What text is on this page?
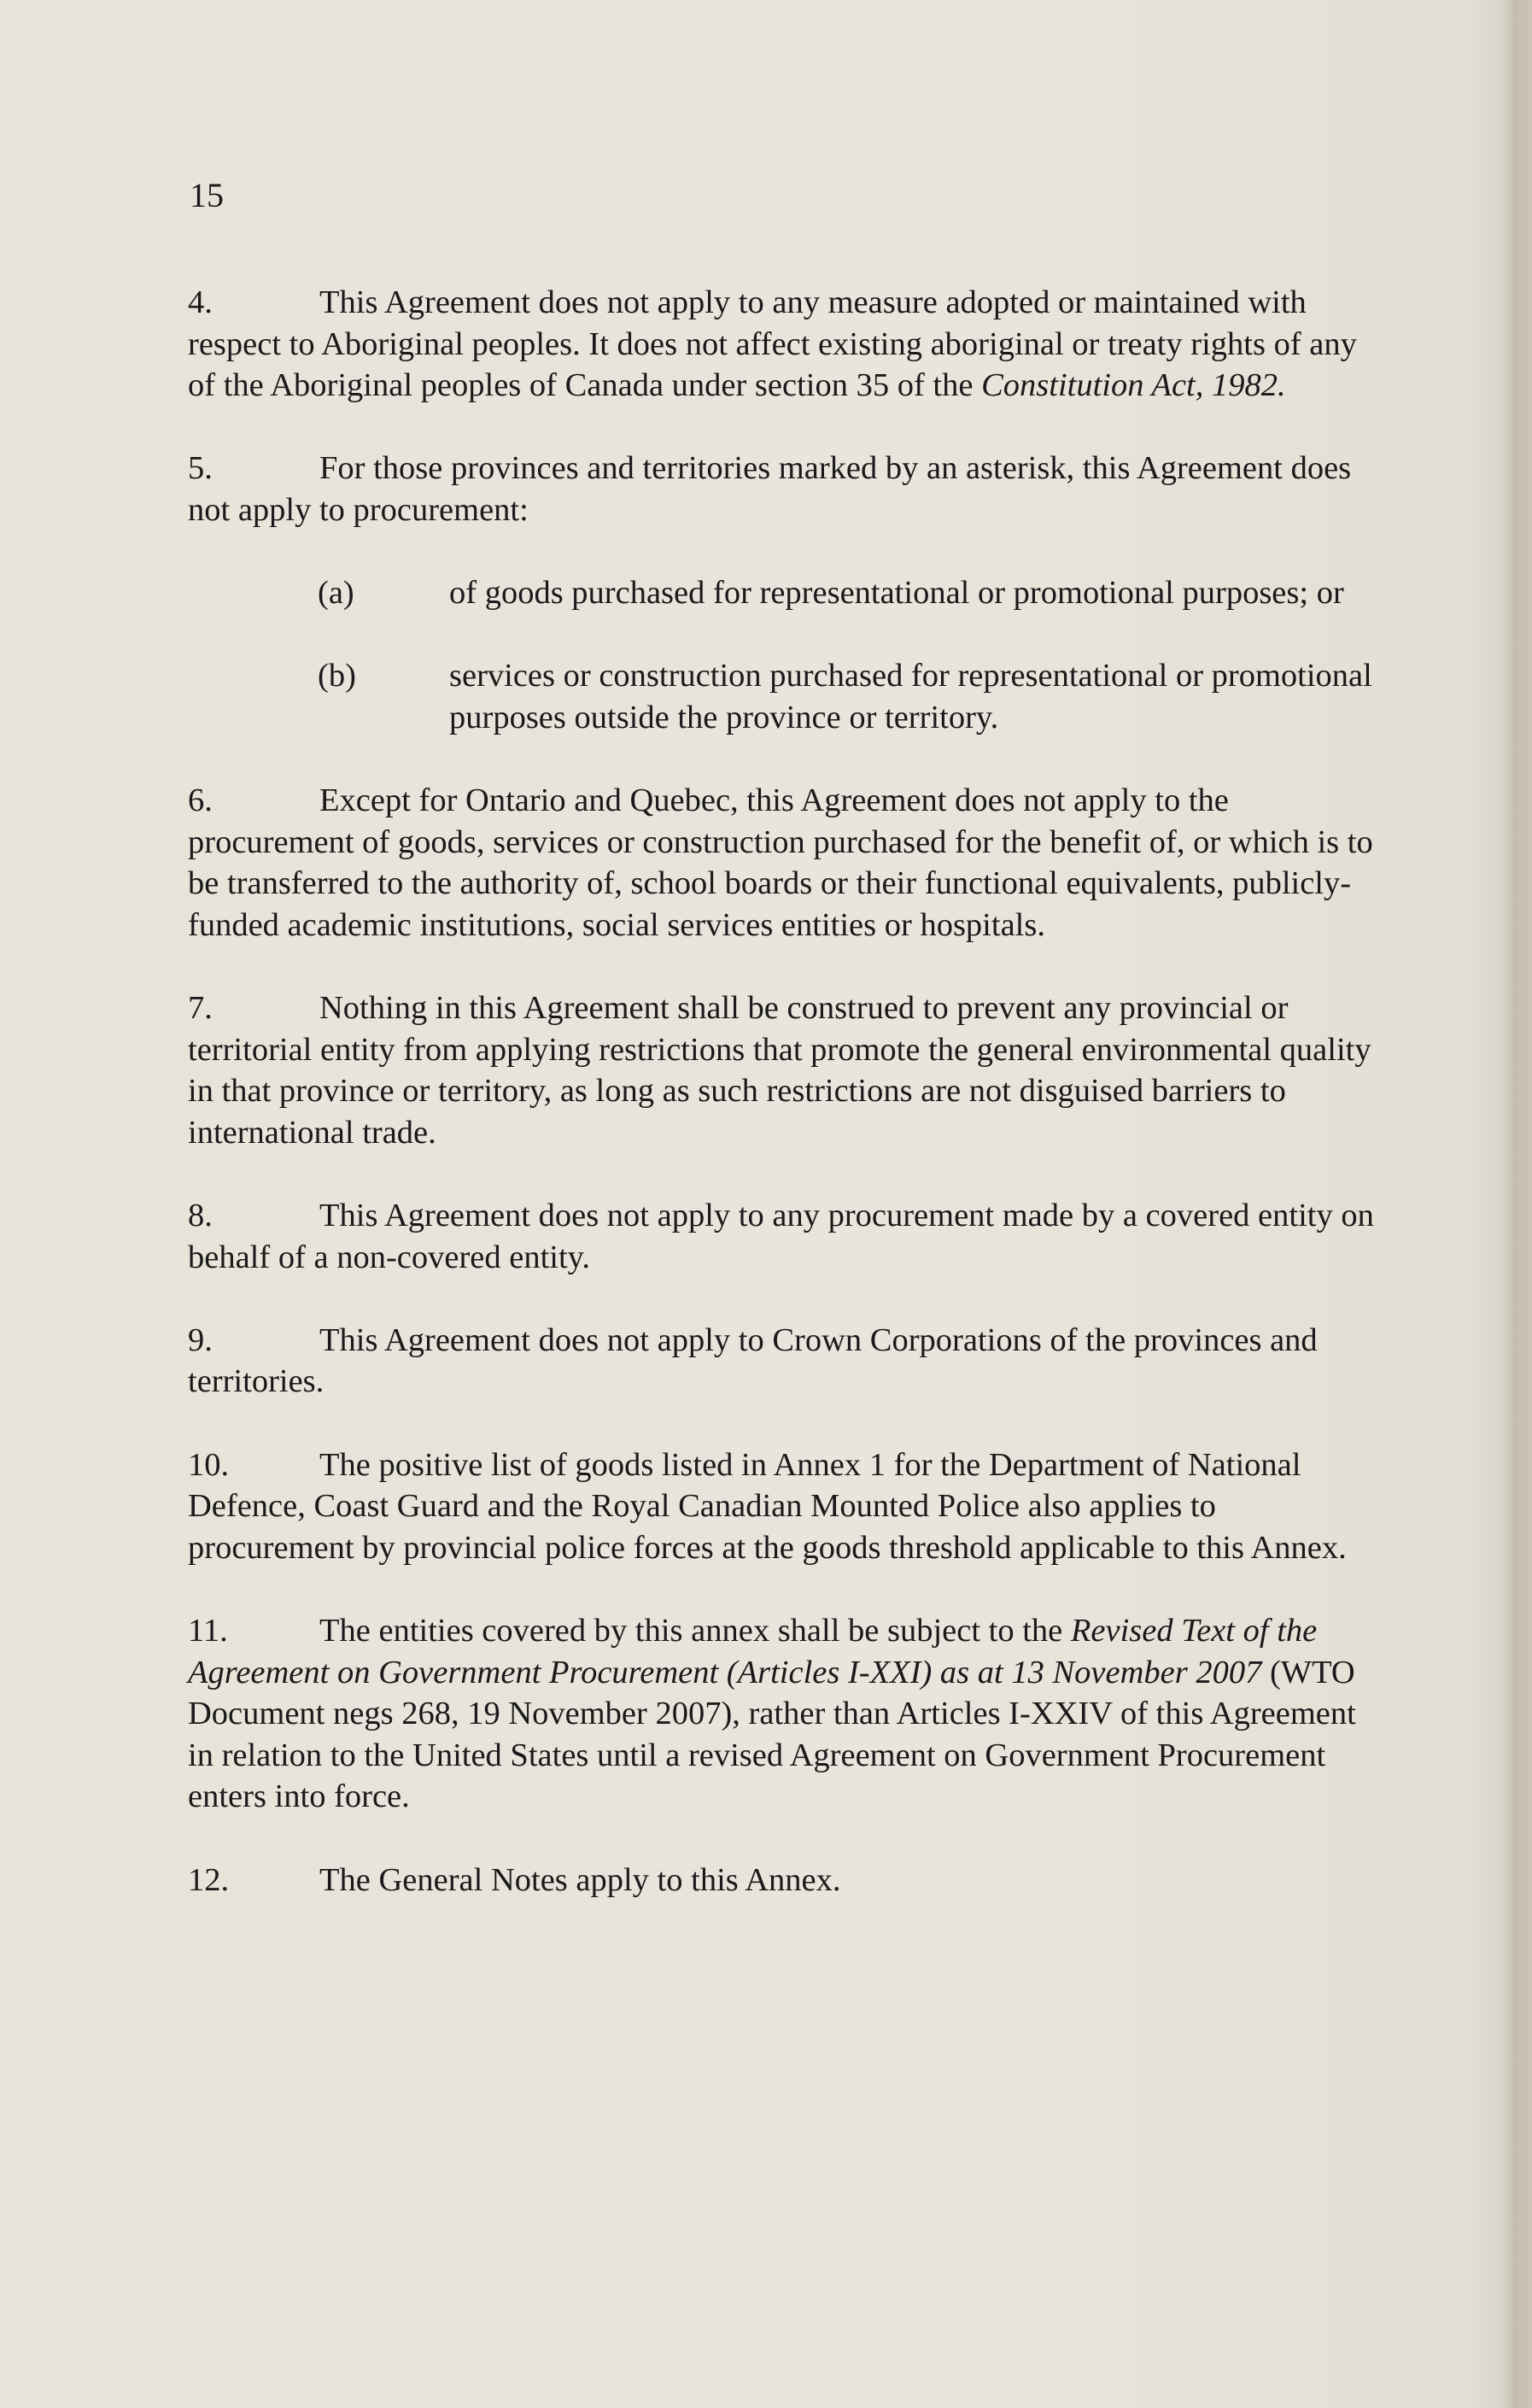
15

4.	This Agreement does not apply to any measure adopted or maintained with respect to Aboriginal peoples. It does not affect existing aboriginal or treaty rights of any of the Aboriginal peoples of Canada under section 35 of the Constitution Act, 1982.

5.	For those provinces and territories marked by an asterisk, this Agreement does not apply to procurement:

(a)	of goods purchased for representational or promotional purposes; or

(b)	services or construction purchased for representational or promotional purposes outside the province or territory.

6.	Except for Ontario and Quebec, this Agreement does not apply to the procurement of goods, services or construction purchased for the benefit of, or which is to be transferred to the authority of, school boards or their functional equivalents, publicly-funded academic institutions, social services entities or hospitals.

7.	Nothing in this Agreement shall be construed to prevent any provincial or territorial entity from applying restrictions that promote the general environmental quality in that province or territory, as long as such restrictions are not disguised barriers to international trade.

8.	This Agreement does not apply to any procurement made by a covered entity on behalf of a non-covered entity.

9.	This Agreement does not apply to Crown Corporations of the provinces and territories.

10.	The positive list of goods listed in Annex 1 for the Department of National Defence, Coast Guard and the Royal Canadian Mounted Police also applies to procurement by provincial police forces at the goods threshold applicable to this Annex.

11.	The entities covered by this annex shall be subject to the Revised Text of the Agreement on Government Procurement (Articles I-XXI) as at 13 November 2007 (WTO Document negs 268, 19 November 2007), rather than Articles I-XXIV of this Agreement in relation to the United States until a revised Agreement on Government Procurement enters into force.

12.	The General Notes apply to this Annex.
